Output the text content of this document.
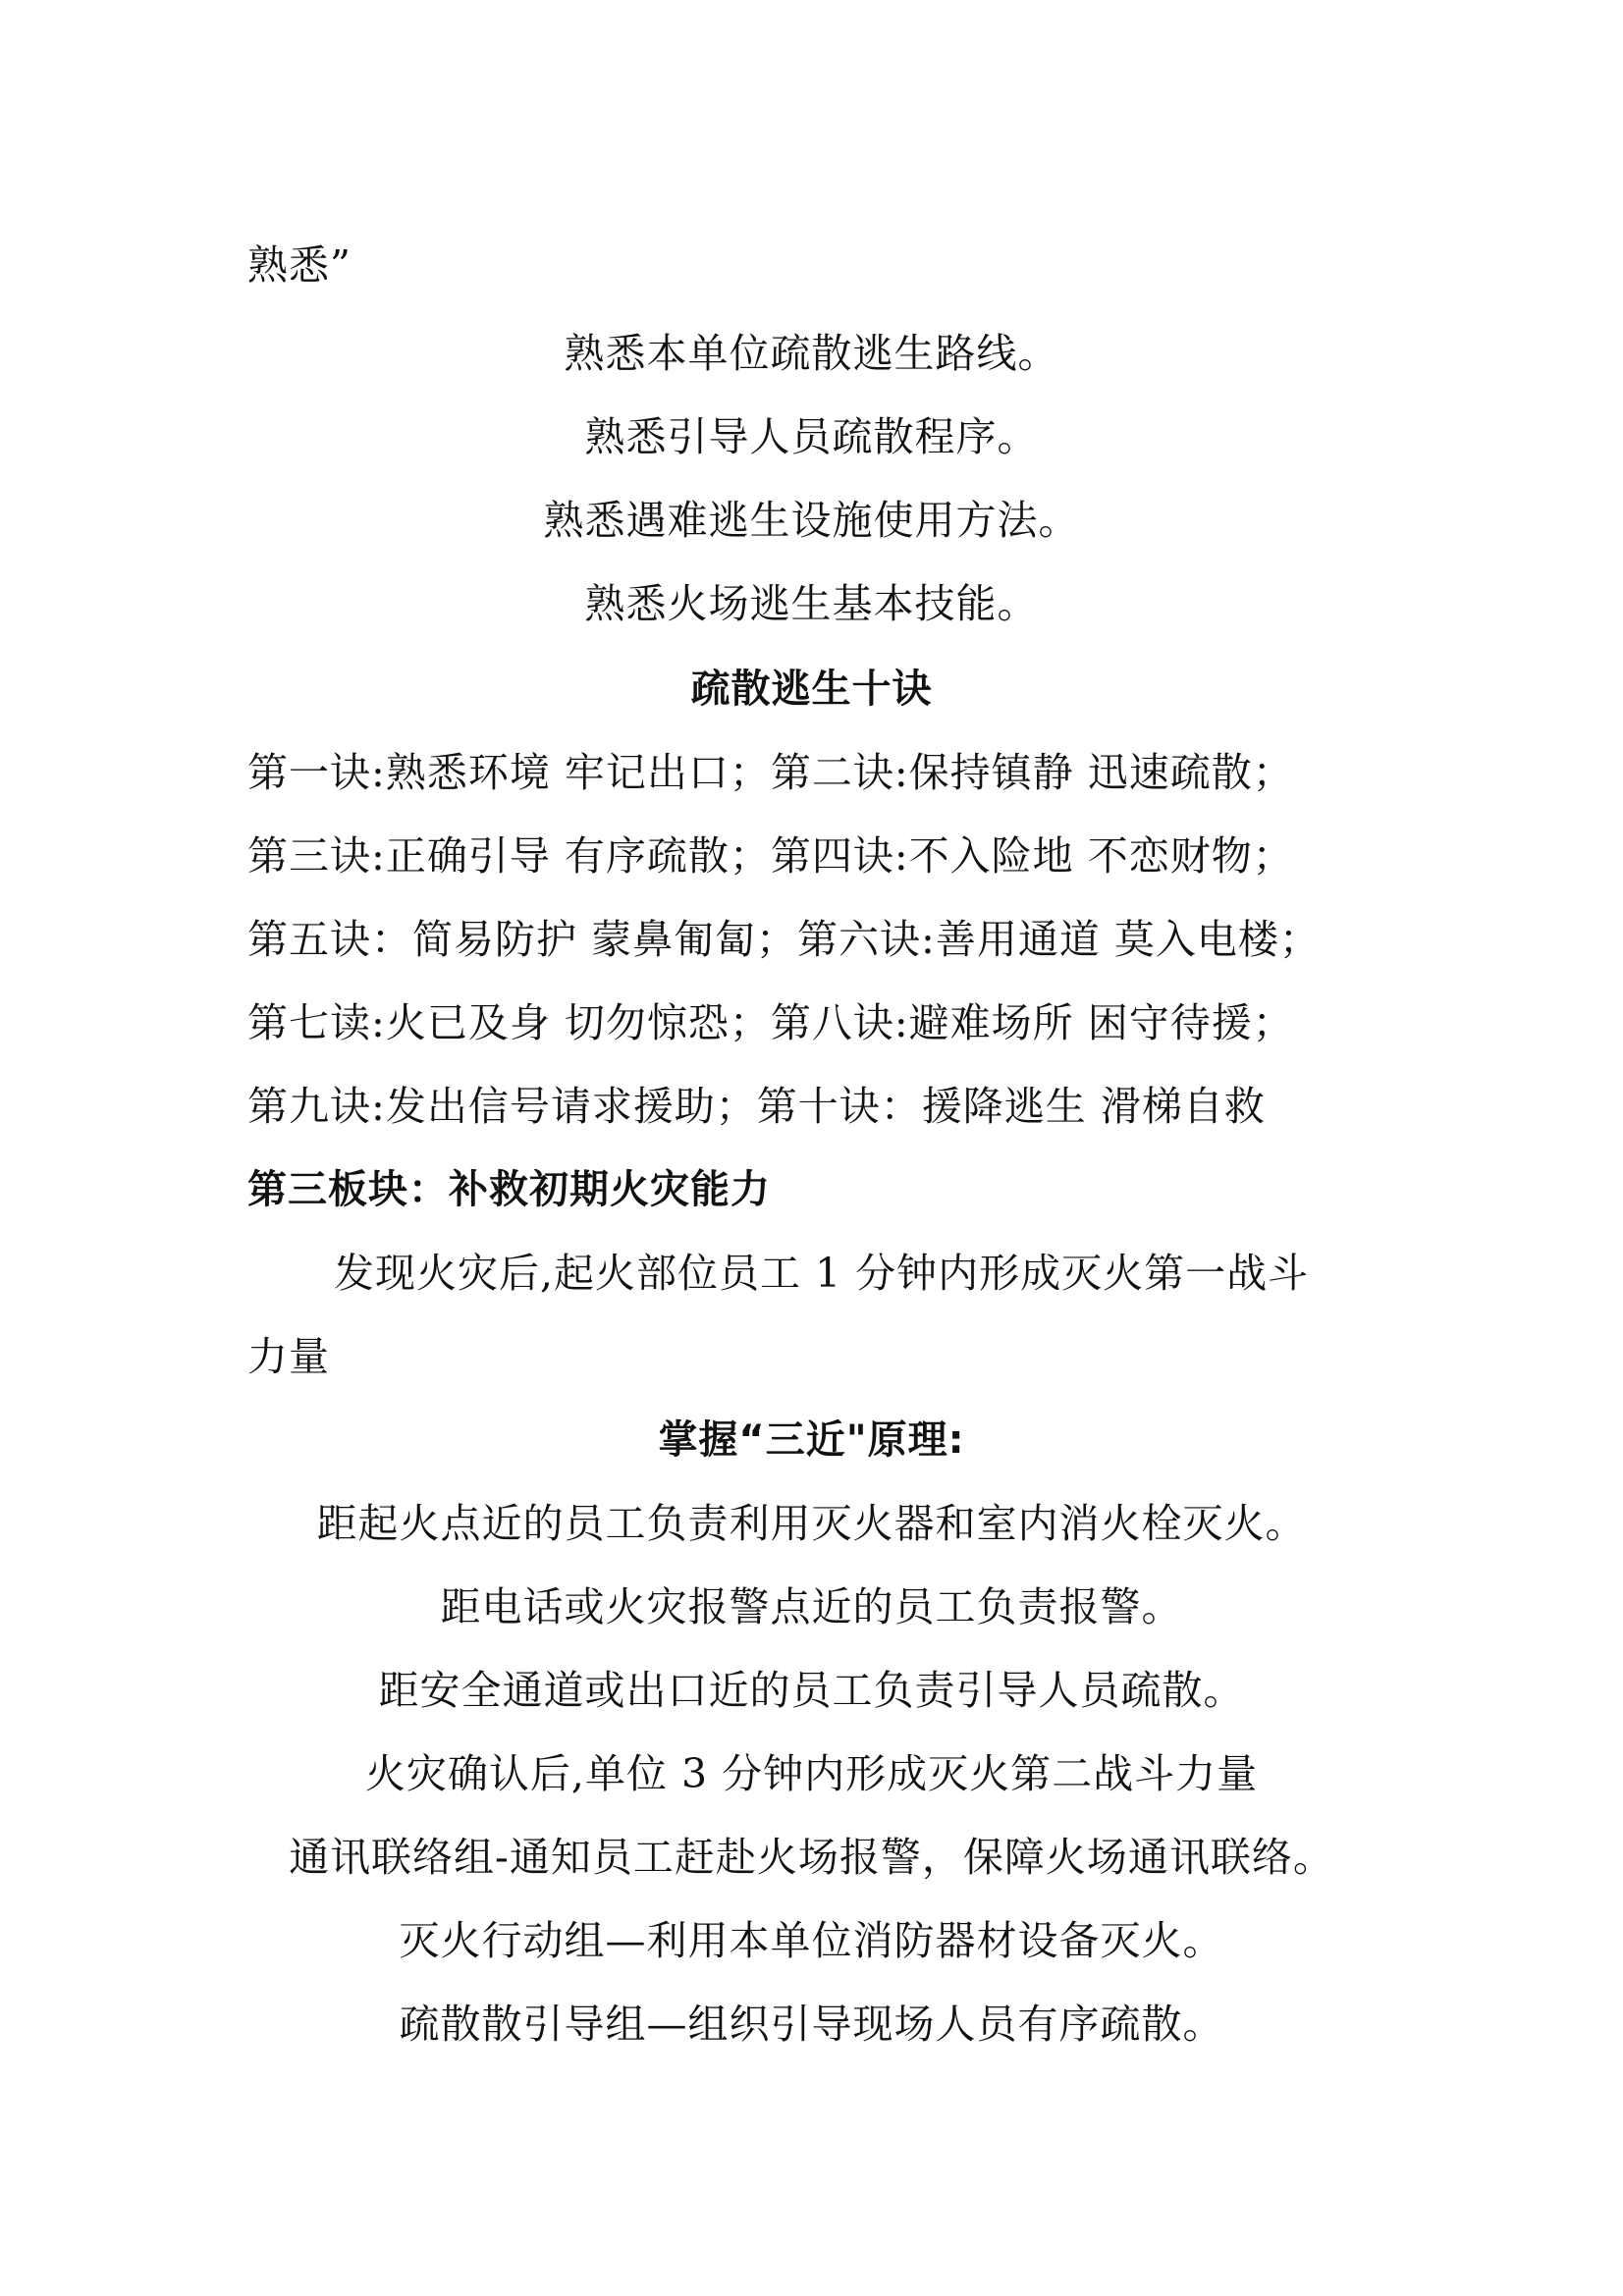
熟悉”
熟悉本单位疏散逃生路线。
熟悉引导人员疏散程序。
熟悉遇难逃生设施使用方法。
熟悉火场逃生基本技能。
疏散逃生十诀
第一诀:熟悉环境 牢记出口；第二诀:保持镇静 迅速疏散；
第三诀:正确引导 有序疏散；第四诀:不入险地 不恋财物；
第五诀：简易防护 蒙鼻匍匐；第六诀:善用通道 莫入电楼；
第七读:火已及身 切勿惊恐；第八诀:避难场所 困守待援；
第九诀:发出信号请求援助；第十诀：援降逃生 滑梯自救
第三板块：补救初期火灾能力
发现火灾后,起火部位员工 1 分钟内形成灭火第一战斗
力量
掌握“三近"原理:
距起火点近的员工负责利用灭火器和室内消火栓灭火。
距电话或火灾报警点近的员工负责报警。
距安全通道或出口近的员工负责引导人员疏散。
火灾确认后,单位 3 分钟内形成灭火第二战斗力量
通讯联络组-通知员工赶赴火场报警，保障火场通讯联络。
灭火行动组—利用本单位消防器材设备灭火。
疏散散引导组—组织引导现场人员有序疏散。
